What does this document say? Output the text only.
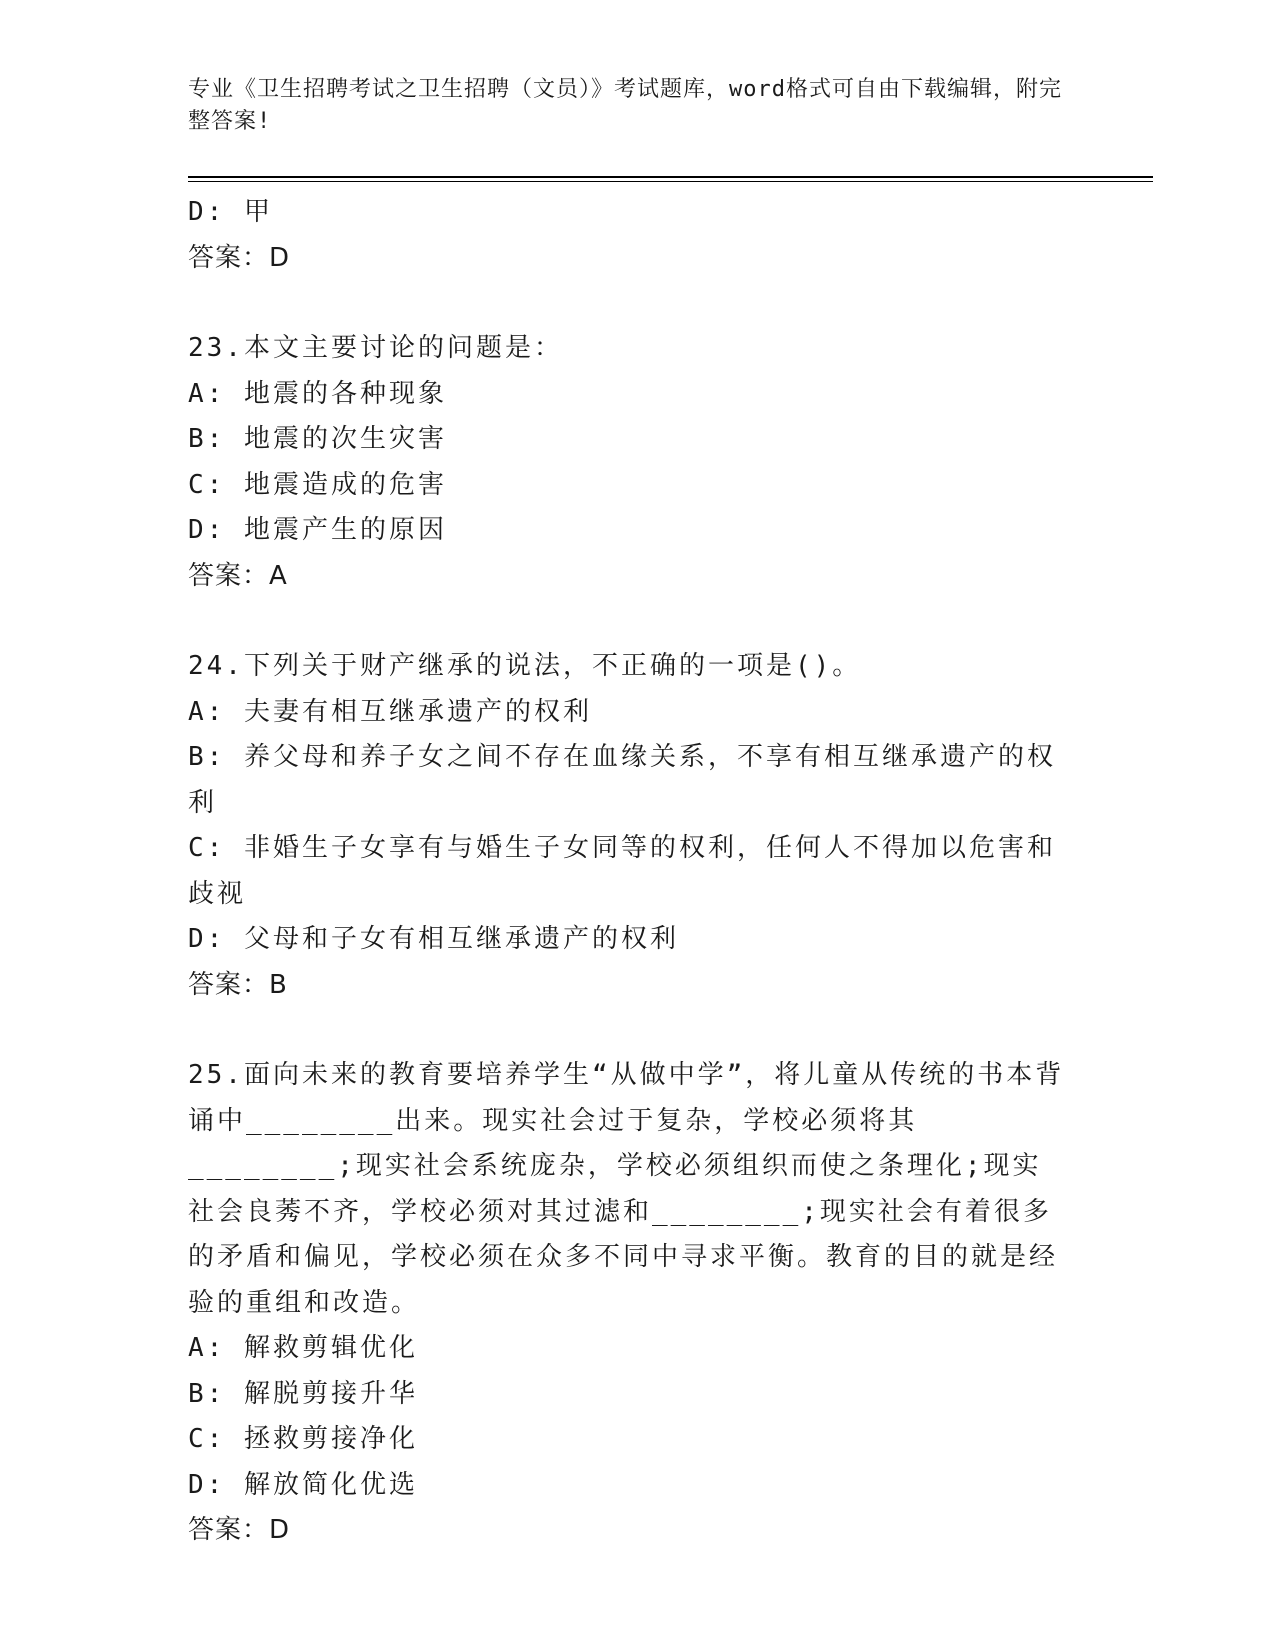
专业《卫生招聘考试之卫生招聘（文员）》考试题库，word格式可自由下载编辑，附完整答案!

D: 甲

答案：D

23.本文主要讨论的问题是：

A: 地震的各种现象

B: 地震的次生灾害

C: 地震造成的危害

D: 地震产生的原因

答案：A

24.下列关于财产继承的说法，不正确的一项是()。

A: 夫妻有相互继承遗产的权利

B: 养父母和养子女之间不存在血缘关系，不享有相互继承遗产的权利

C: 非婚生子女享有与婚生子女同等的权利，任何人不得加以危害和歧视

D: 父母和子女有相互继承遗产的权利

答案：B

25.面向未来的教育要培养学生“从做中学”，将儿童从传统的书本背诵中________出来。现实社会过于复杂，学校必须将其________;现实社会系统庞杂，学校必须组织而使之条理化;现实社会良莠不齐，学校必须对其过滤和________;现实社会有着很多的矛盾和偏见，学校必须在众多不同中寻求平衡。教育的目的就是经验的重组和改造。

A: 解救剪辑优化

B: 解脱剪接升华

C: 拯救剪接净化

D: 解放简化优选

答案：D
